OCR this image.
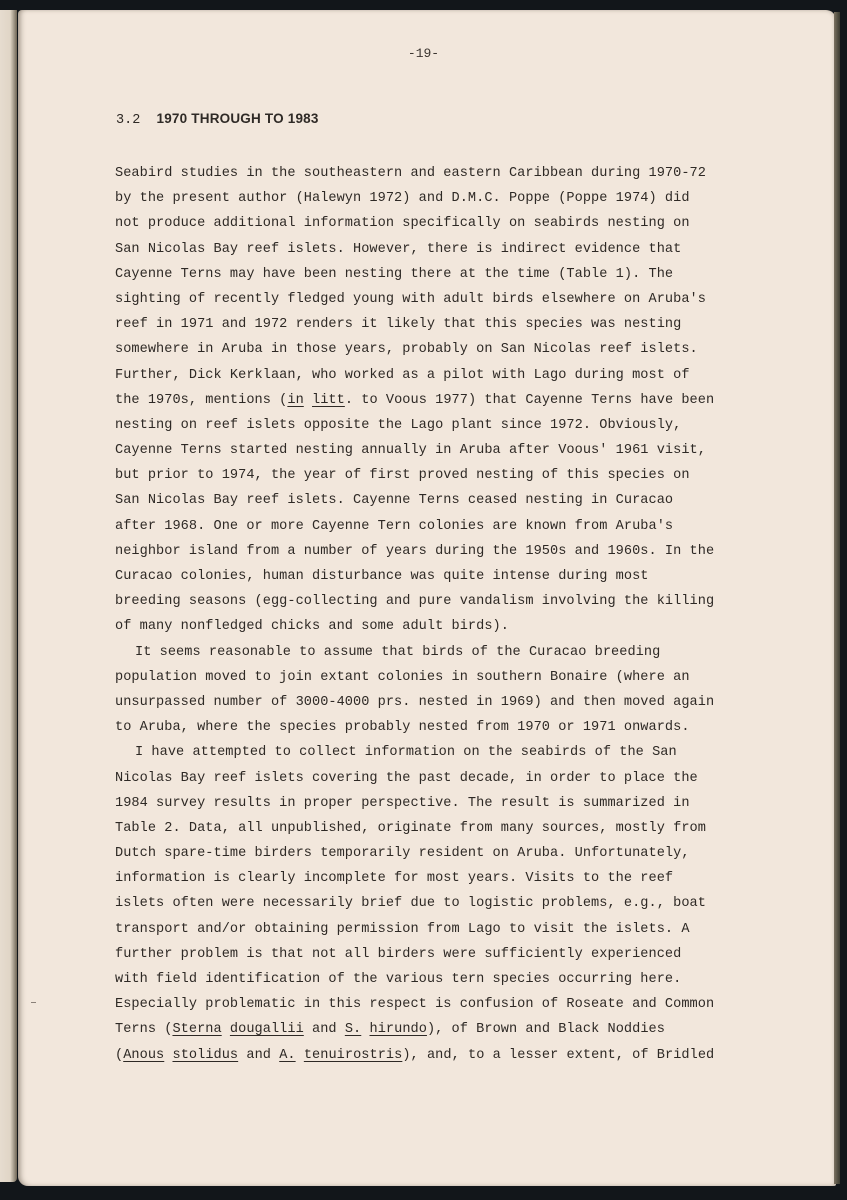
-19-
3.2 1970 THROUGH TO 1983
Seabird studies in the southeastern and eastern Caribbean during 1970-72
by the present author (Halewyn 1972) and D.M.C. Poppe (Poppe 1974) did
not produce additional information specifically on seabirds nesting on
San Nicolas Bay reef islets. However, there is indirect evidence that
Cayenne Terns may have been nesting there at the time (Table 1). The
sighting of recently fledged young with adult birds elsewhere on Aruba's
reef in 1971 and 1972 renders it likely that this species was nesting
somewhere in Aruba in those years, probably on San Nicolas reef islets.
Further, Dick Kerklaan, who worked as a pilot with Lago during most of
the 1970s, mentions (in litt. to Voous 1977) that Cayenne Terns have been
nesting on reef islets opposite the Lago plant since 1972. Obviously,
Cayenne Terns started nesting annually in Aruba after Voous' 1961 visit,
but prior to 1974, the year of first proved nesting of this species on
San Nicolas Bay reef islets. Cayenne Terns ceased nesting in Curacao
after 1968. One or more Cayenne Tern colonies are known from Aruba's
neighbor island from a number of years during the 1950s and 1960s. In the
Curacao colonies, human disturbance was quite intense during most
breeding seasons (egg-collecting and pure vandalism involving the killing
of many nonfledged chicks and some adult birds).
It seems reasonable to assume that birds of the Curacao breeding
population moved to join extant colonies in southern Bonaire (where an
unsurpassed number of 3000-4000 prs. nested in 1969) and then moved again
to Aruba, where the species probably nested from 1970 or 1971 onwards.
I have attempted to collect information on the seabirds of the San
Nicolas Bay reef islets covering the past decade, in order to place the
1984 survey results in proper perspective. The result is summarized in
Table 2. Data, all unpublished, originate from many sources, mostly from
Dutch spare-time birders temporarily resident on Aruba. Unfortunately,
information is clearly incomplete for most years. Visits to the reef
islets often were necessarily brief due to logistic problems, e.g., boat
transport and/or obtaining permission from Lago to visit the islets. A
further problem is that not all birders were sufficiently experienced
with field identification of the various tern species occurring here.
Especially problematic in this respect is confusion of Roseate and Common
Terns (Sterna dougallii and S. hirundo), of Brown and Black Noddies
(Anous stolidus and A. tenuirostris), and, to a lesser extent, of Bridled
